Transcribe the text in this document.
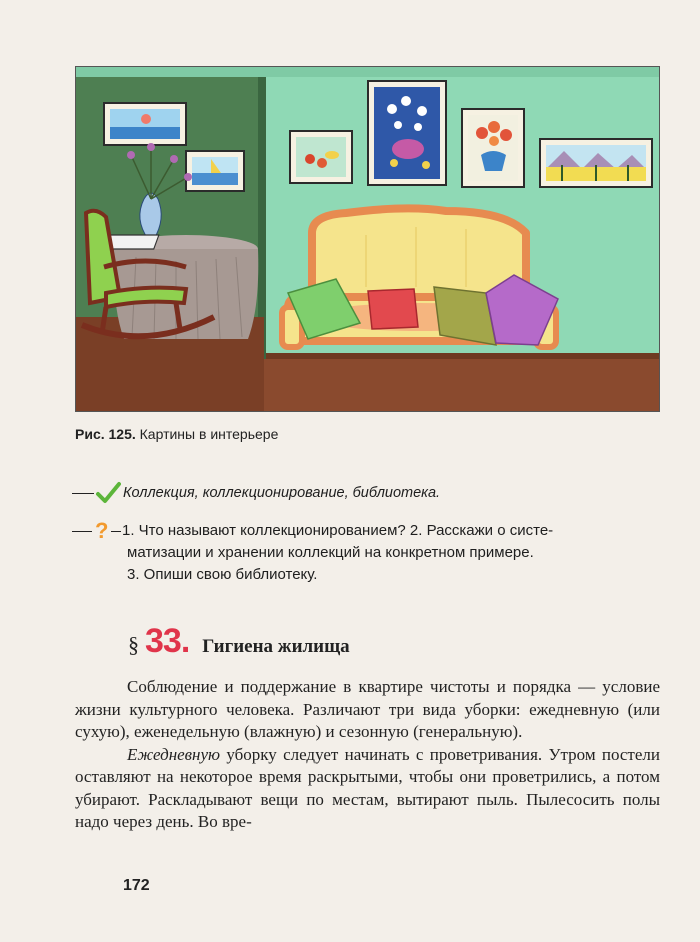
Рис. 125. Картины в интерьере
Коллекция, коллекционирование, библиотека.
? 1. Что называют коллекционированием? 2. Расскажи о систе-
матизации и хранении коллекций на конкретном примере.
3. Опиши свою библиотеку.
§ 33 . Гигиена жилища

Соблюдение и поддержание в квартире чистоты и порядка — условие жизни культурного человека. Различают три вида уборки: ежедневную (или сухую), еженедельную (влажную) и сезонную (генеральную).

Ежедневную уборку следует начинать с проветривания. Утром постели оставляют на некоторое время раскрытыми, чтобы они проветрились, а потом убирают. Раскладывают вещи по местам, вытирают пыль. Пылесосить полы надо через день. Во вре-

172
